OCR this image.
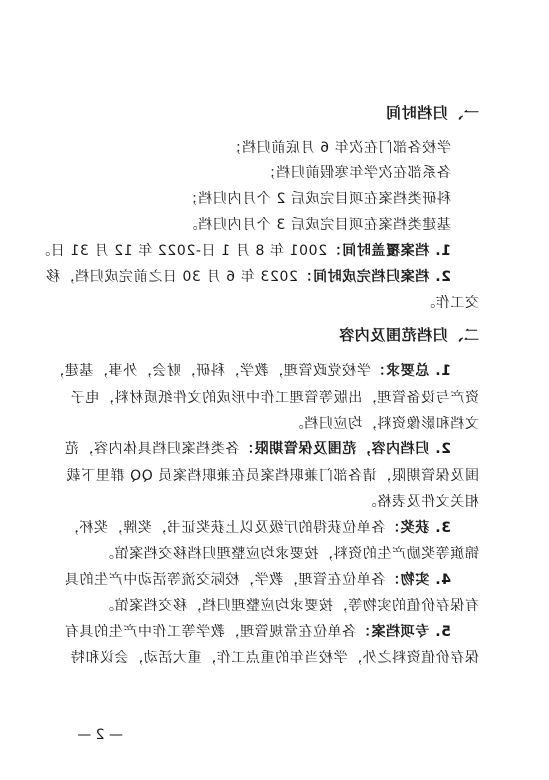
一、归档时间
学校各部门在次年 6 月底前归档；
各系部在次学年寒假前归档；
科研类档案在项目完成后 2 个月内归档；
基建类档案在项目完成后 3 个月内归档。
1. 档案覆盖时间：2001 年 8 月 1 日-2022 年 12 月 31 日。
2. 档案归档完成时间：2023 年 6 月 30 日之前完成归档，移
交工作。
二、归档范围及内容
1. 总要求：学校党政管理，教学，科研，财会，外事，基建，
资产与设备管理，出版等管理工作中形成的文件纸质材料，电子
文档和影像资料，均应归档。
2. 归档内容，范围及保管期限：各类档案归档具体内容，范
围及保管期限，请各部门兼职档案员在兼职档案员 QQ 群里下载
相关文件及表格。
3. 获奖：各单位获得的厅级及以上获奖证书，奖牌，奖杯，
锦旗等奖励产生的资料，按要求均应整理归档移交档案馆。
4. 实物：各单位在管理，教学，校际交流等活动中产生的具
有保存价值的实物等，按要求均应整理归档，移交档案馆。
5. 专项档案：各单位在常规管理，教学等工作中产生的具有
保存价值资料之外，学校当年的重点工作，重大活动，会议和特
— 2 —
